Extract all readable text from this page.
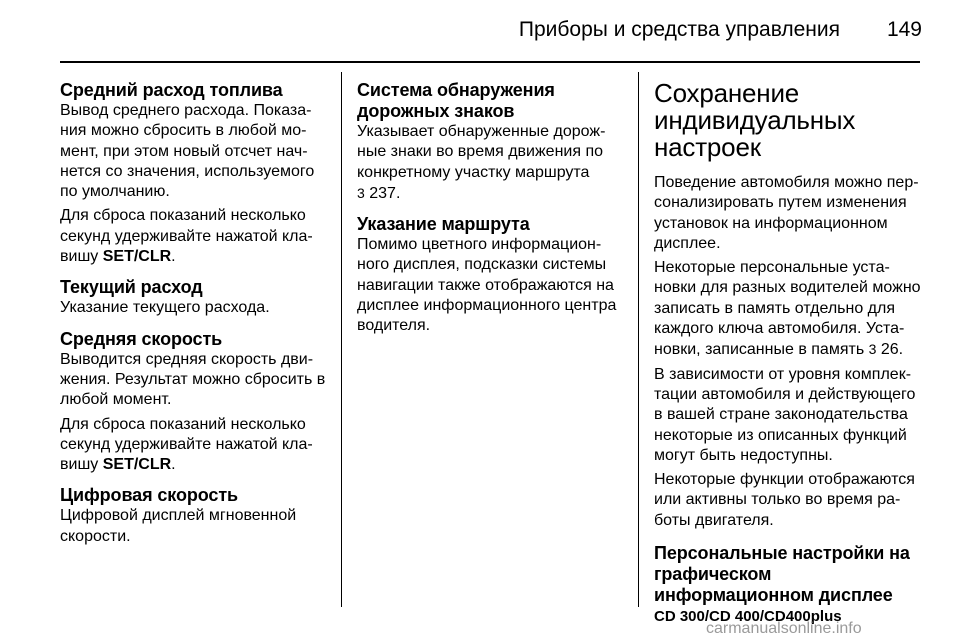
Приборы и средства управления	149
Средний расход топлива

Вывод среднего расхода. Показа-ния можно сбросить в любой мо-мент, при этом новый отсчет нач-нется со значения, используемого по умолчанию.

Для сброса показаний несколько секунд удерживайте нажатой кла-вишу SET/CLR.

Текущий расход

Указание текущего расхода.

Средняя скорость

Выводится средняя скорость дви-жения. Результат можно сбросить в любой момент.

Для сброса показаний несколько секунд удерживайте нажатой кла-вишу SET/CLR.

Цифровая скорость

Цифровой дисплей мгновенной скорости.

Система обнаружения дорожных знаков

Указывает обнаруженные дорож-ные знаки во время движения по конкретному участку маршрута
3 237.

Указание маршрута

Помимо цветного информацион-ного дисплея, подсказки системы навигации также отображаются на дисплее информационного центра водителя.

Сохранение индивидуальных настроек

Поведение автомобиля можно пер-сонализировать путем изменения установок на информационном дисплее.

Некоторые персональные уста-новки для разных водителей можно записать в память отдельно для каждого ключа автомобиля. Уста-новки, записанные в память 3 26.

В зависимости от уровня комплек-тации автомобиля и действующего в вашей стране законодательства некоторые из описанных функций могут быть недоступны.

Некоторые функции отображаются или активны только во время ра-боты двигателя.

Персональные настройки на графическом информационном дисплее
CD 300/CD 400/CD400plus
carmanualsonline.info
